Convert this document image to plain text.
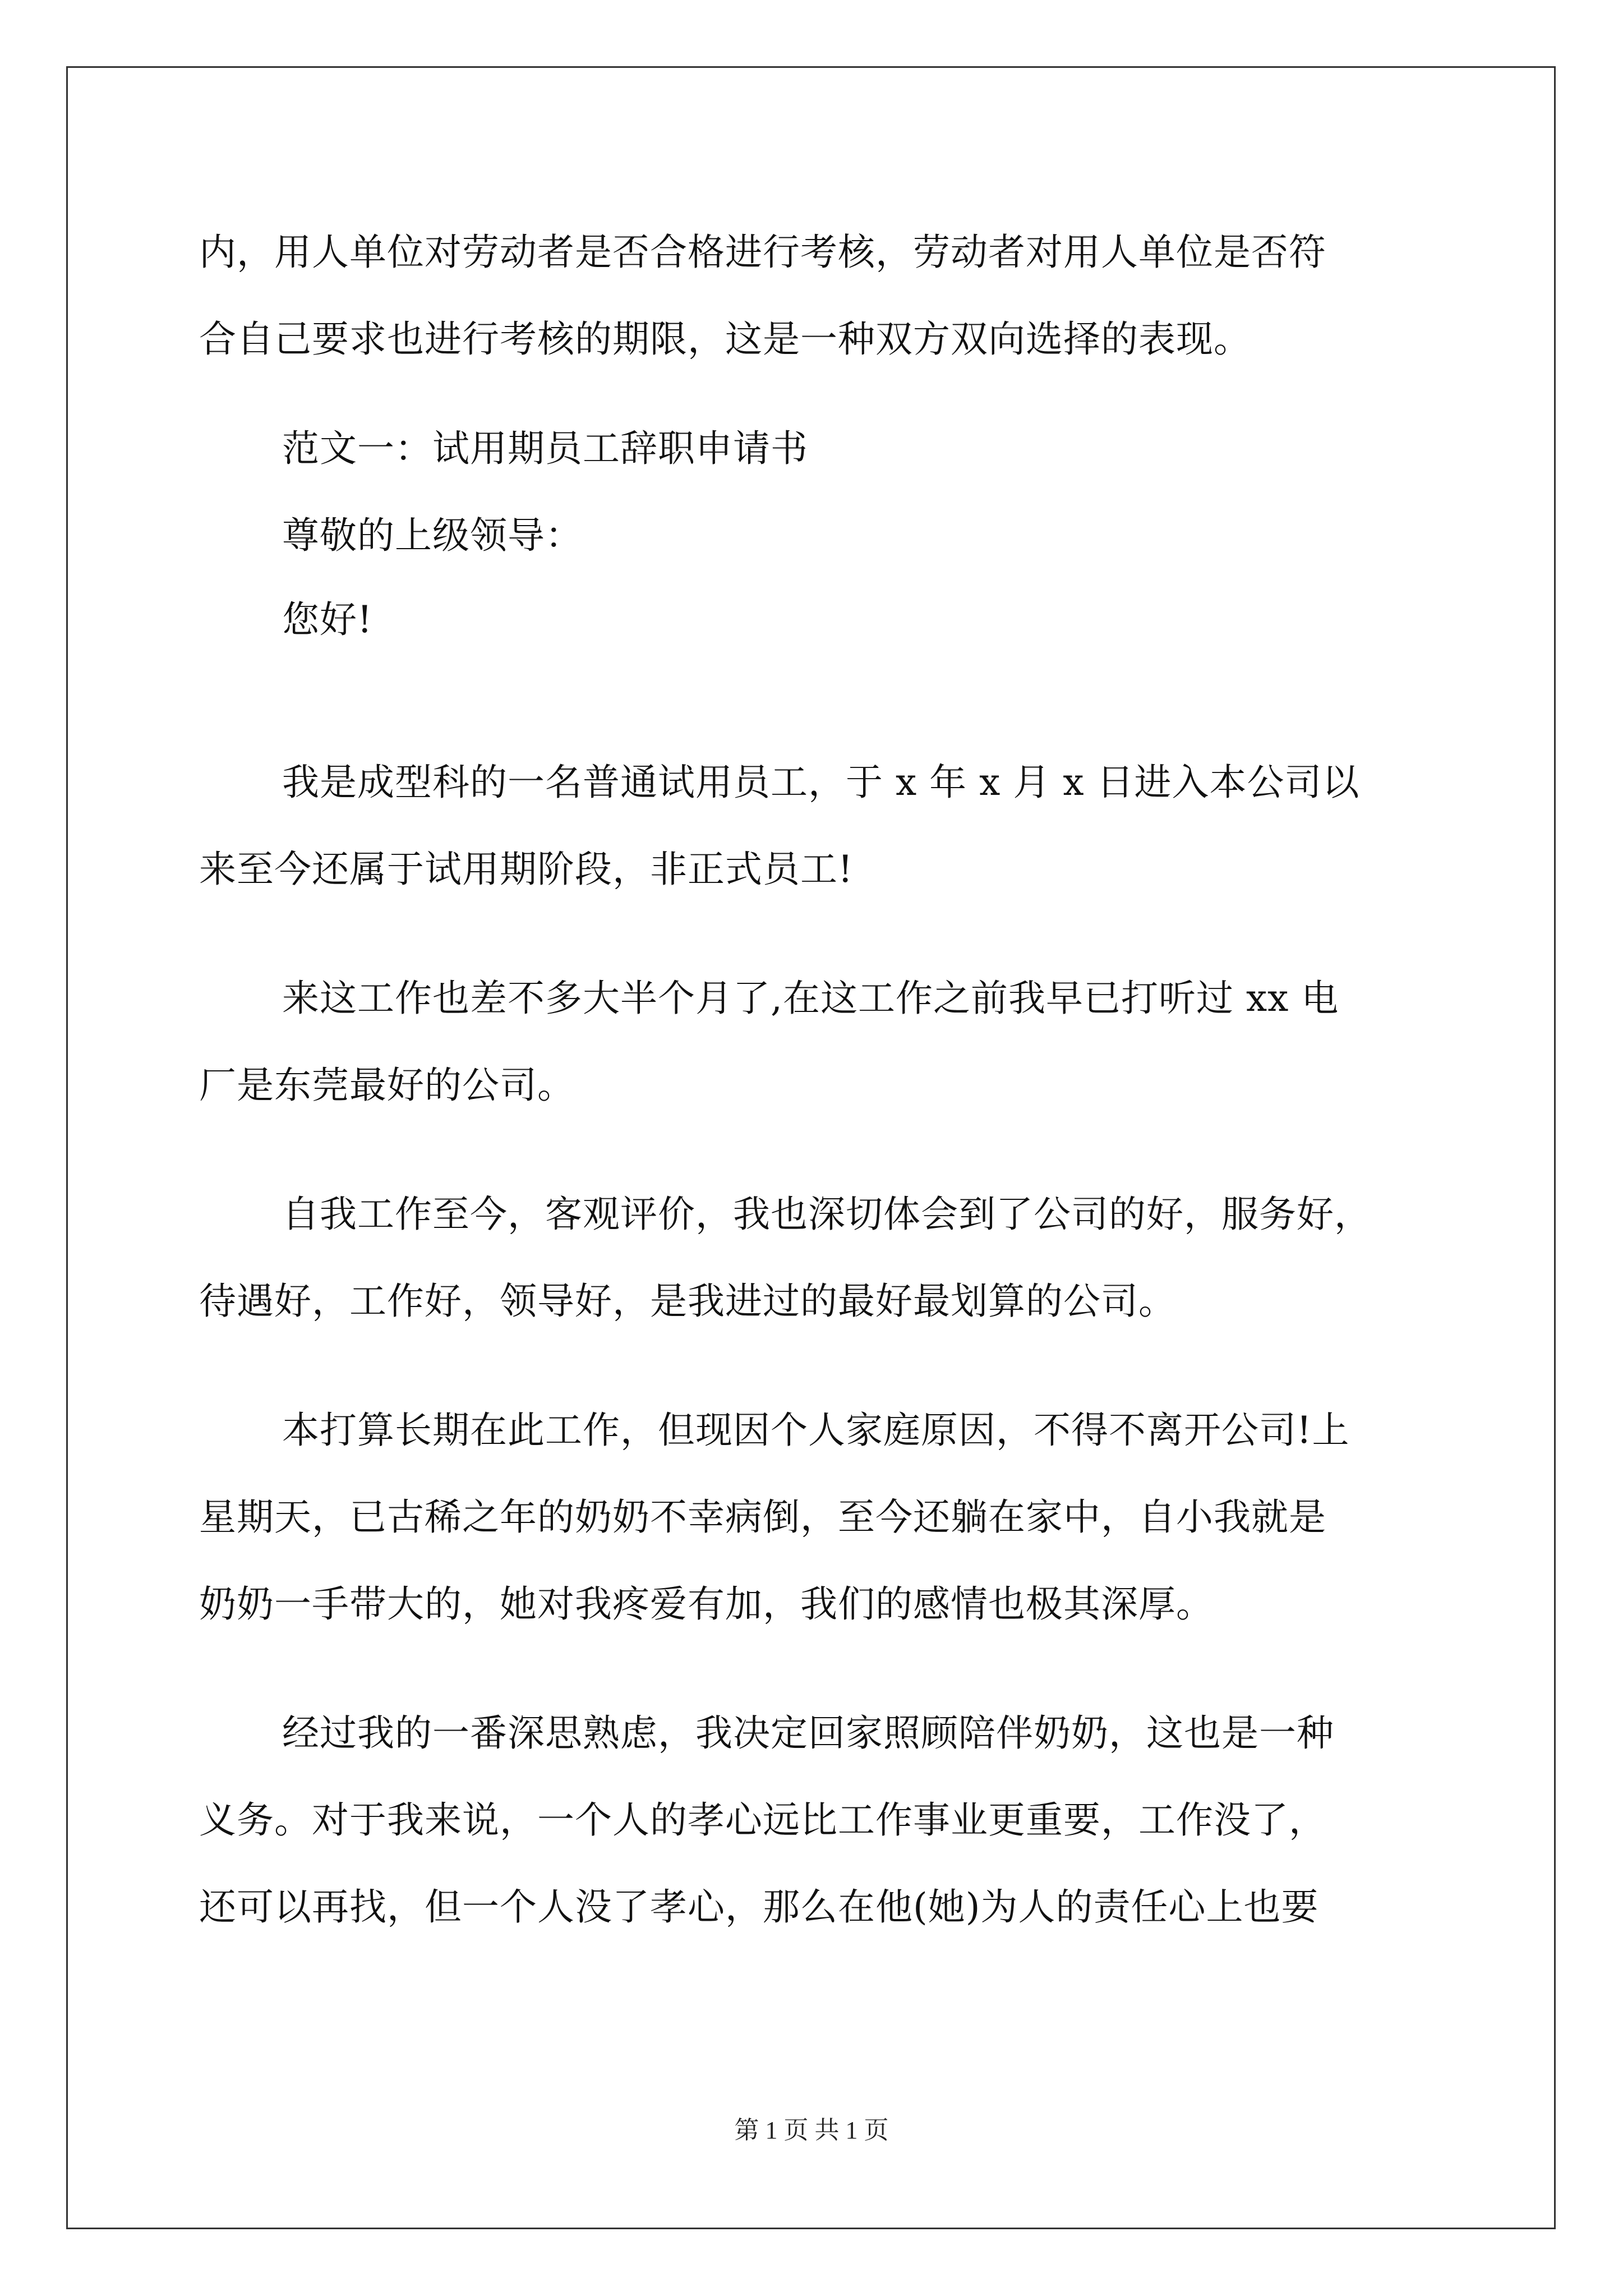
内，用人单位对劳动者是否合格进行考核，劳动者对用人单位是否符
合自己要求也进行考核的期限，这是一种双方双向选择的表现。
范文一：试用期员工辞职申请书
尊敬的上级领导：
您好!
我是成型科的一名普通试用员工，于 x 年 x 月 x 日进入本公司以
来至今还属于试用期阶段，非正式员工!
来这工作也差不多大半个月了,在这工作之前我早已打听过 xx 电
厂是东莞最好的公司。
自我工作至今，客观评价，我也深切体会到了公司的好，服务好，
待遇好，工作好，领导好，是我进过的最好最划算的公司。
本打算长期在此工作，但现因个人家庭原因，不得不离开公司!上
星期天，已古稀之年的奶奶不幸病倒，至今还躺在家中，自小我就是
奶奶一手带大的，她对我疼爱有加，我们的感情也极其深厚。
经过我的一番深思熟虑，我决定回家照顾陪伴奶奶，这也是一种
义务。对于我来说，一个人的孝心远比工作事业更重要，工作没了，
还可以再找，但一个人没了孝心，那么在他(她)为人的责任心上也要
第 1 页 共 1 页
